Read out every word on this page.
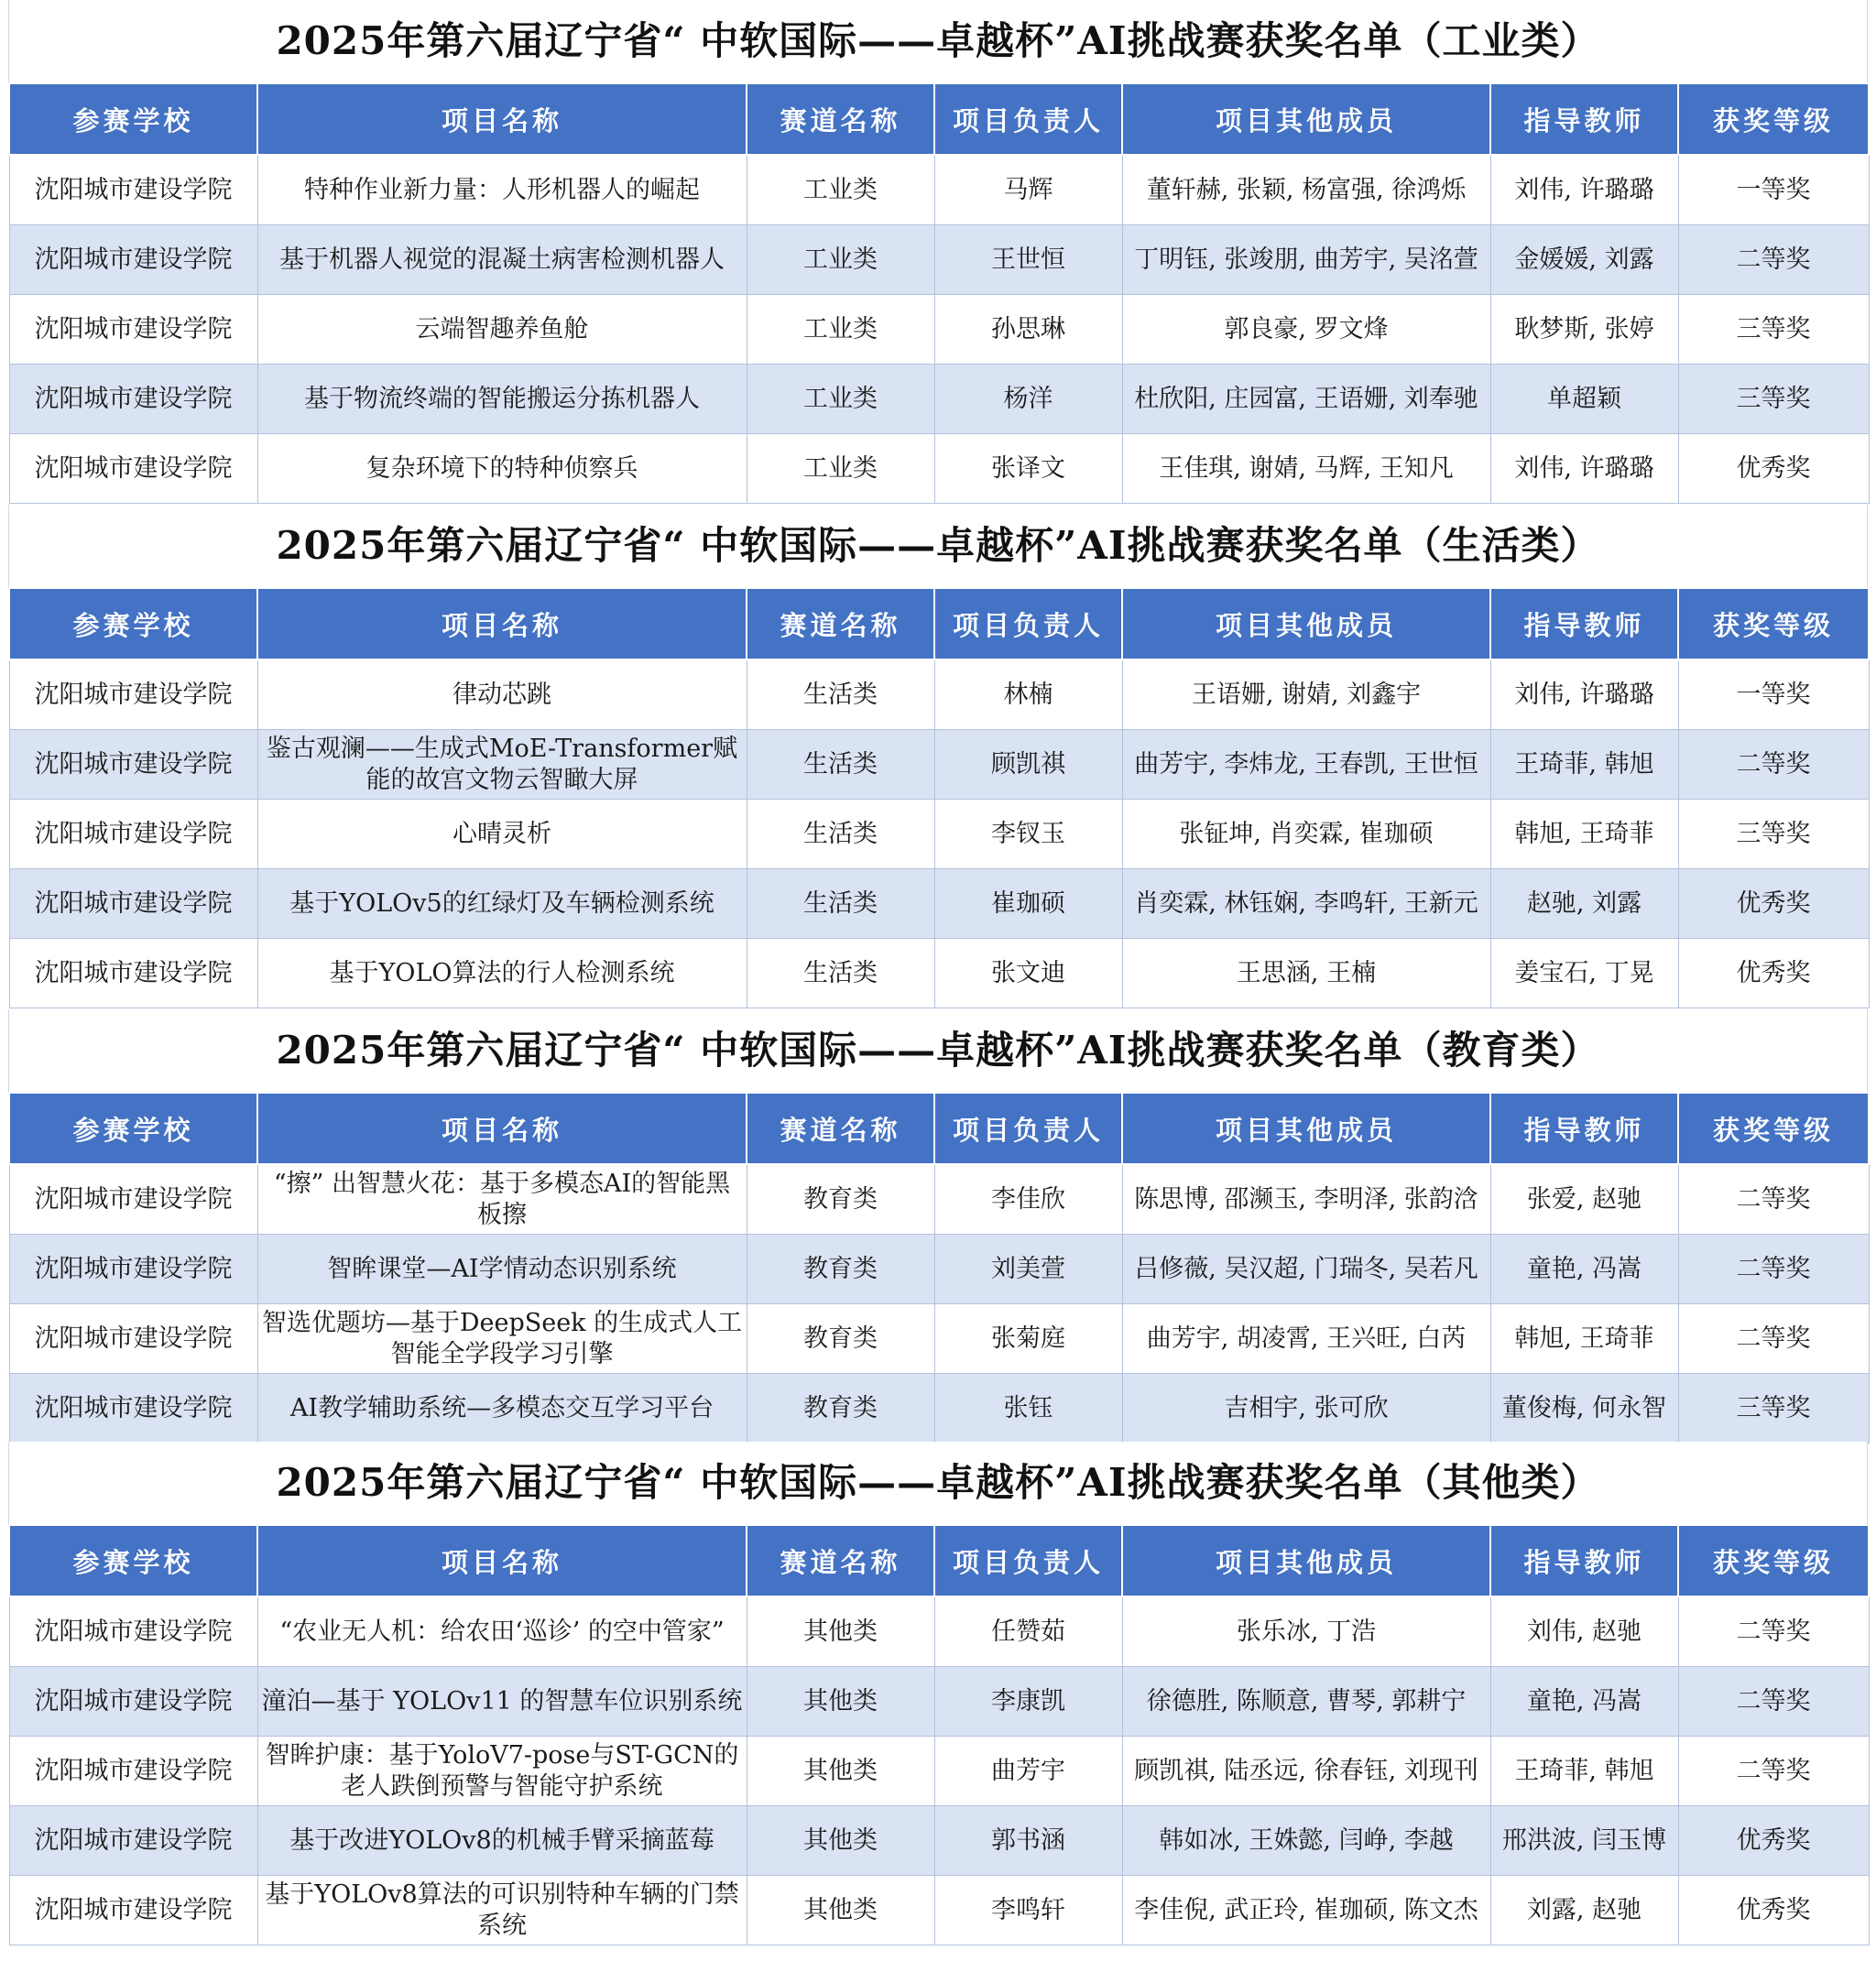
2025年第六届辽宁省“ 中软国际——卓越杯”AI挑战赛获奖名单（工业类）
参赛学校	项目名称	赛道名称	项目负责人	项目其他成员	指导教师	获奖等级
沈阳城市建设学院	特种作业新力量：人形机器人的崛起	工业类	马辉	董轩赫, 张颖, 杨富强, 徐鸿烁	刘伟, 许璐璐	一等奖
沈阳城市建设学院	基于机器人视觉的混凝土病害检测机器人	工业类	王世恒	丁明钰, 张竣朋, 曲芳宇, 吴洺萱	金媛媛, 刘露	二等奖
沈阳城市建设学院	云端智趣养鱼舱	工业类	孙思琳	郭良豪, 罗文烽	耿梦斯, 张婷	三等奖
沈阳城市建设学院	基于物流终端的智能搬运分拣机器人	工业类	杨洋	杜欣阳, 庄园富, 王语姗, 刘奉驰	单超颖	三等奖
沈阳城市建设学院	复杂环境下的特种侦察兵	工业类	张译文	王佳琪, 谢婧, 马辉, 王知凡	刘伟, 许璐璐	优秀奖
2025年第六届辽宁省“ 中软国际——卓越杯”AI挑战赛获奖名单（生活类）
参赛学校	项目名称	赛道名称	项目负责人	项目其他成员	指导教师	获奖等级
沈阳城市建设学院	律动芯跳	生活类	林楠	王语姗, 谢婧, 刘鑫宇	刘伟, 许璐璐	一等奖
沈阳城市建设学院	鉴古观澜——生成式MoE-Transformer赋能的故宫文物云智瞰大屏	生活类	顾凯祺	曲芳宇, 李炜龙, 王春凯, 王世恒	王琦菲, 韩旭	二等奖
沈阳城市建设学院	心晴灵析	生活类	李钗玉	张钲坤, 肖奕霖, 崔珈硕	韩旭, 王琦菲	三等奖
沈阳城市建设学院	基于YOLOv5的红绿灯及车辆检测系统	生活类	崔珈硕	肖奕霖, 林钰娴, 李鸣轩, 王新元	赵驰, 刘露	优秀奖
沈阳城市建设学院	基于YOLO算法的行人检测系统	生活类	张文迪	王思涵, 王楠	姜宝石, 丁晃	优秀奖
2025年第六届辽宁省“ 中软国际——卓越杯”AI挑战赛获奖名单（教育类）
参赛学校	项目名称	赛道名称	项目负责人	项目其他成员	指导教师	获奖等级
沈阳城市建设学院	“擦” 出智慧火花：基于多模态AI的智能黑板擦	教育类	李佳欣	陈思博, 邵濒玉, 李明泽, 张韵浛	张爱, 赵驰	二等奖
沈阳城市建设学院	智眸课堂—AI学情动态识别系统	教育类	刘美萱	吕修薇, 吴汉超, 门瑞冬, 吴若凡	童艳, 冯嵩	二等奖
沈阳城市建设学院	智选优题坊—基于DeepSeek 的生成式人工智能全学段学习引擎	教育类	张菊庭	曲芳宇, 胡凌霄, 王兴旺, 白芮	韩旭, 王琦菲	二等奖
沈阳城市建设学院	AI教学辅助系统—多模态交互学习平台	教育类	张钰	吉相宇, 张可欣	董俊梅, 何永智	三等奖
2025年第六届辽宁省“ 中软国际——卓越杯”AI挑战赛获奖名单（其他类）
参赛学校	项目名称	赛道名称	项目负责人	项目其他成员	指导教师	获奖等级
沈阳城市建设学院	“农业无人机：给农田‘巡诊’ 的空中管家”	其他类	任赞茹	张乐冰, 丁浩	刘伟, 赵驰	二等奖
沈阳城市建设学院	潼泊—基于 YOLOv11 的智慧车位识别系统	其他类	李康凯	徐德胜, 陈顺意, 曹琴, 郭耕宁	童艳, 冯嵩	二等奖
沈阳城市建设学院	智眸护康：基于YoloV7-pose与ST-GCN的老人跌倒预警与智能守护系统	其他类	曲芳宇	顾凯祺, 陆丞远, 徐春钰, 刘现刊	王琦菲, 韩旭	二等奖
沈阳城市建设学院	基于改进YOLOv8的机械手臂采摘蓝莓	其他类	郭书涵	韩如冰, 王姝懿, 闫峥, 李越	邢洪波, 闫玉博	优秀奖
沈阳城市建设学院	基于YOLOv8算法的可识别特种车辆的门禁系统	其他类	李鸣轩	李佳倪, 武正玲, 崔珈硕, 陈文杰	刘露, 赵驰	优秀奖
